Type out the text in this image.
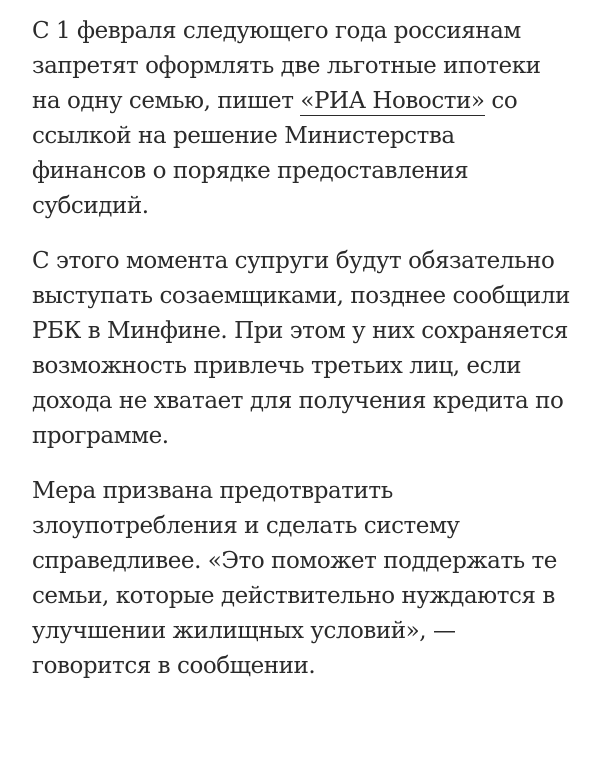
С 1 февраля следующего года россиянам запретят оформлять две льготные ипотеки на одну семью, пишет «РИА Новости» со ссылкой на решение Министерства финансов о порядке предоставления субсидий.

С этого момента супруги будут обязательно выступать созаемщиками, позднее сообщили РБК в Минфине. При этом у них сохраняется возможность привлечь третьих лиц, если дохода не хватает для получения кредита по программе.

Мера призвана предотвратить злоупотребления и сделать систему справедливее. «Это поможет поддержать те семьи, которые действительно нуждаются в улучшении жилищных условий», — говорится в сообщении.
